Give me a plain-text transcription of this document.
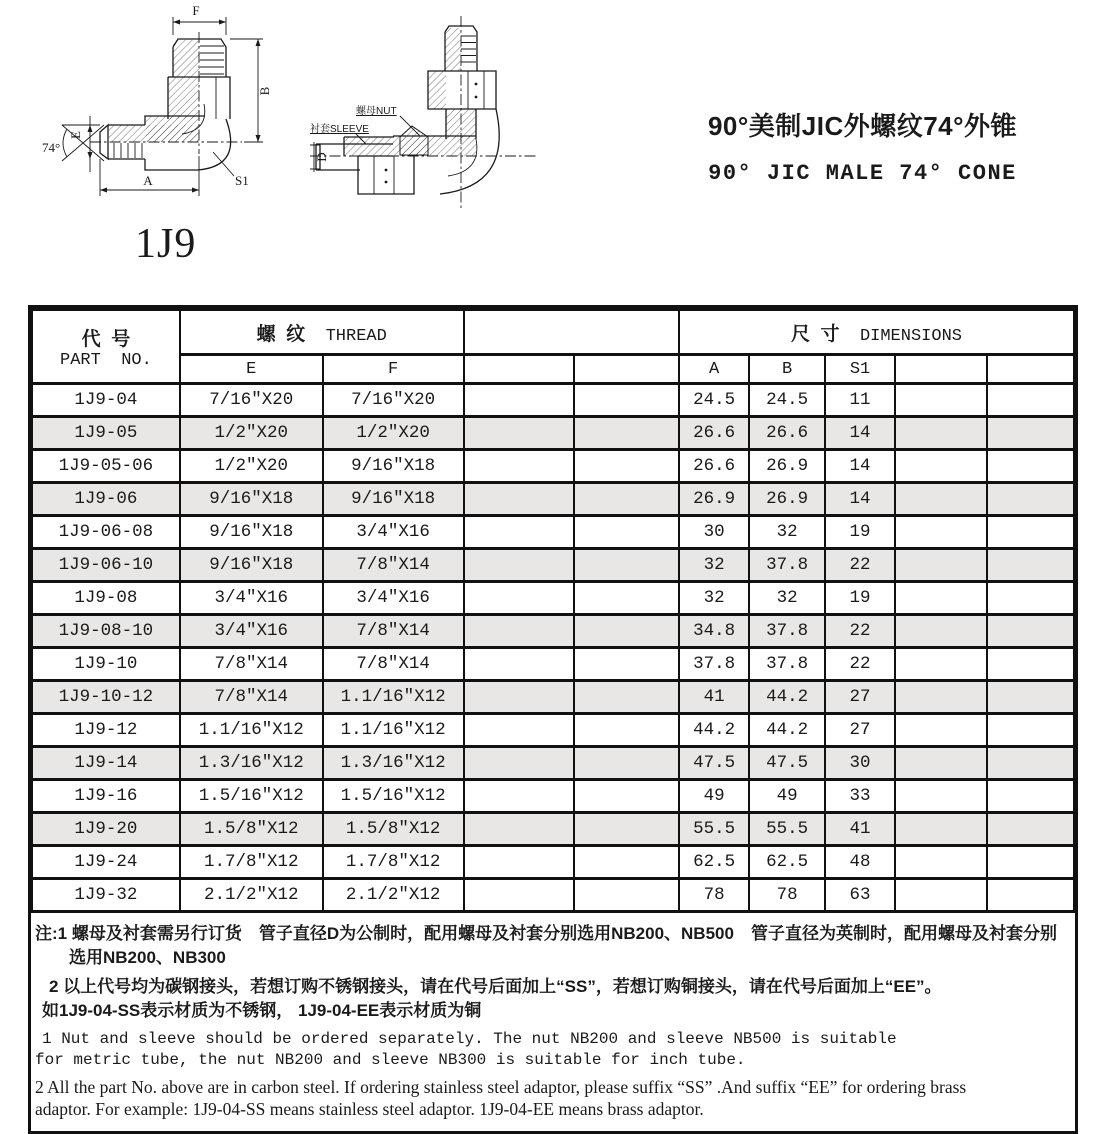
F
B
E
74°
A	S1
螺母NUT
衬套SLEEVE
D
1J9
90°美制JIC外螺纹74°外锥
90° JIC MALE 74° CONE
代  号
PART  NO.	螺  纹 THREAD				尺  寸 DIMENSIONS				
	E	F			A	B	S1		
1J9-04	7/16″X20	7/16″X20			24.5	24.5	11		
1J9-05	1/2″X20	1/2″X20			26.6	26.6	14		
1J9-05-06	1/2″X20	9/16″X18			26.6	26.9	14		
1J9-06	9/16″X18	9/16″X18			26.9	26.9	14		
1J9-06-08	9/16″X18	3/4″X16			30	32	19		
1J9-06-10	9/16″X18	7/8″X14			32	37.8	22		
1J9-08	3/4″X16	3/4″X16			32	32	19		
1J9-08-10	3/4″X16	7/8″X14			34.8	37.8	22		
1J9-10	7/8″X14	7/8″X14			37.8	37.8	22		
1J9-10-12	7/8″X14	1.1/16″X12			41	44.2	27		
1J9-12	1.1/16″X12	1.1/16″X12			44.2	44.2	27		
1J9-14	1.3/16″X12	1.3/16″X12			47.5	47.5	30		
1J9-16	1.5/16″X12	1.5/16″X12			49	49	33		
1J9-20	1.5/8″X12	1.5/8″X12			55.5	55.5	41		
1J9-24	1.7/8″X12	1.7/8″X12			62.5	62.5	48		
1J9-32	2.1/2″X12	2.1/2″X12			78	78	63		
注:1 螺母及衬套需另行订货　管子直径D为公制时，配用螺母及衬套分别选用NB200、NB500　管子直径为英制时，配用螺母及衬套分别
选用NB200、NB300
2 以上代号均为碳钢接头，若想订购不锈钢接头，请在代号后面加上“SS”，若想订购铜接头，请在代号后面加上“EE”。
如1J9-04-SS表示材质为不锈钢， 1J9-04-EE表示材质为铜
1 Nut and sleeve should be ordered separately. The nut NB200 and sleeve NB500 is suitable
for metric tube, the nut NB200 and sleeve NB300 is suitable for inch tube.
2 All the part No. above are in carbon steel. If ordering stainless steel adaptor, please suffix “SS” .And suffix “EE” for ordering brass
adaptor. For example: 1J9-04-SS means stainless steel adaptor. 1J9-04-EE means brass adaptor.
